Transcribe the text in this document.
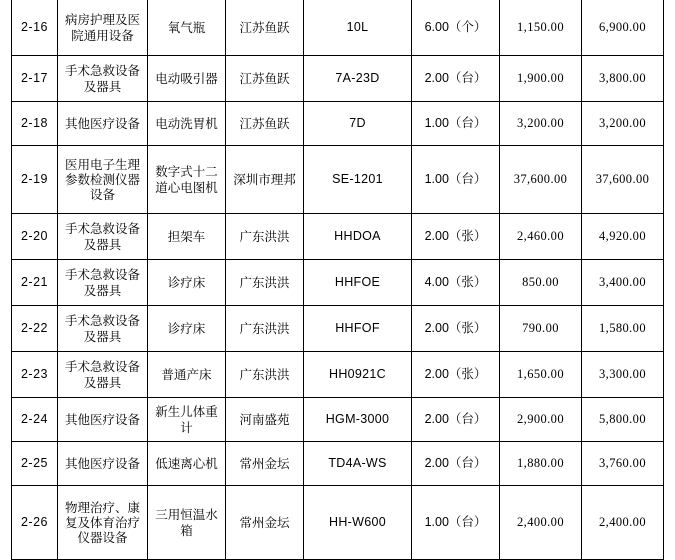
2-16	病房护理及医院通用设备	氧气瓶	江苏鱼跃	10L	6.00（个）	1,150.00	6,900.00
2-17	手术急救设备及器具	电动吸引器	江苏鱼跃	7A-23D	2.00（台）	1,900.00	3,800.00
2-18	其他医疗设备	电动洗胃机	江苏鱼跃	7D	1.00（台）	3,200.00	3,200.00
2-19	医用电子生理参数检测仪器设备	数字式十二道心电图机	深圳市理邦	SE-1201	1.00（台）	37,600.00	37,600.00
2-20	手术急救设备及器具	担架车	广东洪洪	HHDOA	2.00（张）	2,460.00	4,920.00
2-21	手术急救设备及器具	诊疗床	广东洪洪	HHFOE	4.00（张）	850.00	3,400.00
2-22	手术急救设备及器具	诊疗床	广东洪洪	HHFOF	2.00（张）	790.00	1,580.00
2-23	手术急救设备及器具	普通产床	广东洪洪	HH0921C	2.00（张）	1,650.00	3,300.00
2-24	其他医疗设备	新生儿体重计	河南盛苑	HGM-3000	2.00（台）	2,900.00	5,800.00
2-25	其他医疗设备	低速离心机	常州金坛	TD4A-WS	2.00（台）	1,880.00	3,760.00
2-26	物理治疗、康复及体育治疗仪器设备	三用恒温水箱	常州金坛	HH-W600	1.00（台）	2,400.00	2,400.00
